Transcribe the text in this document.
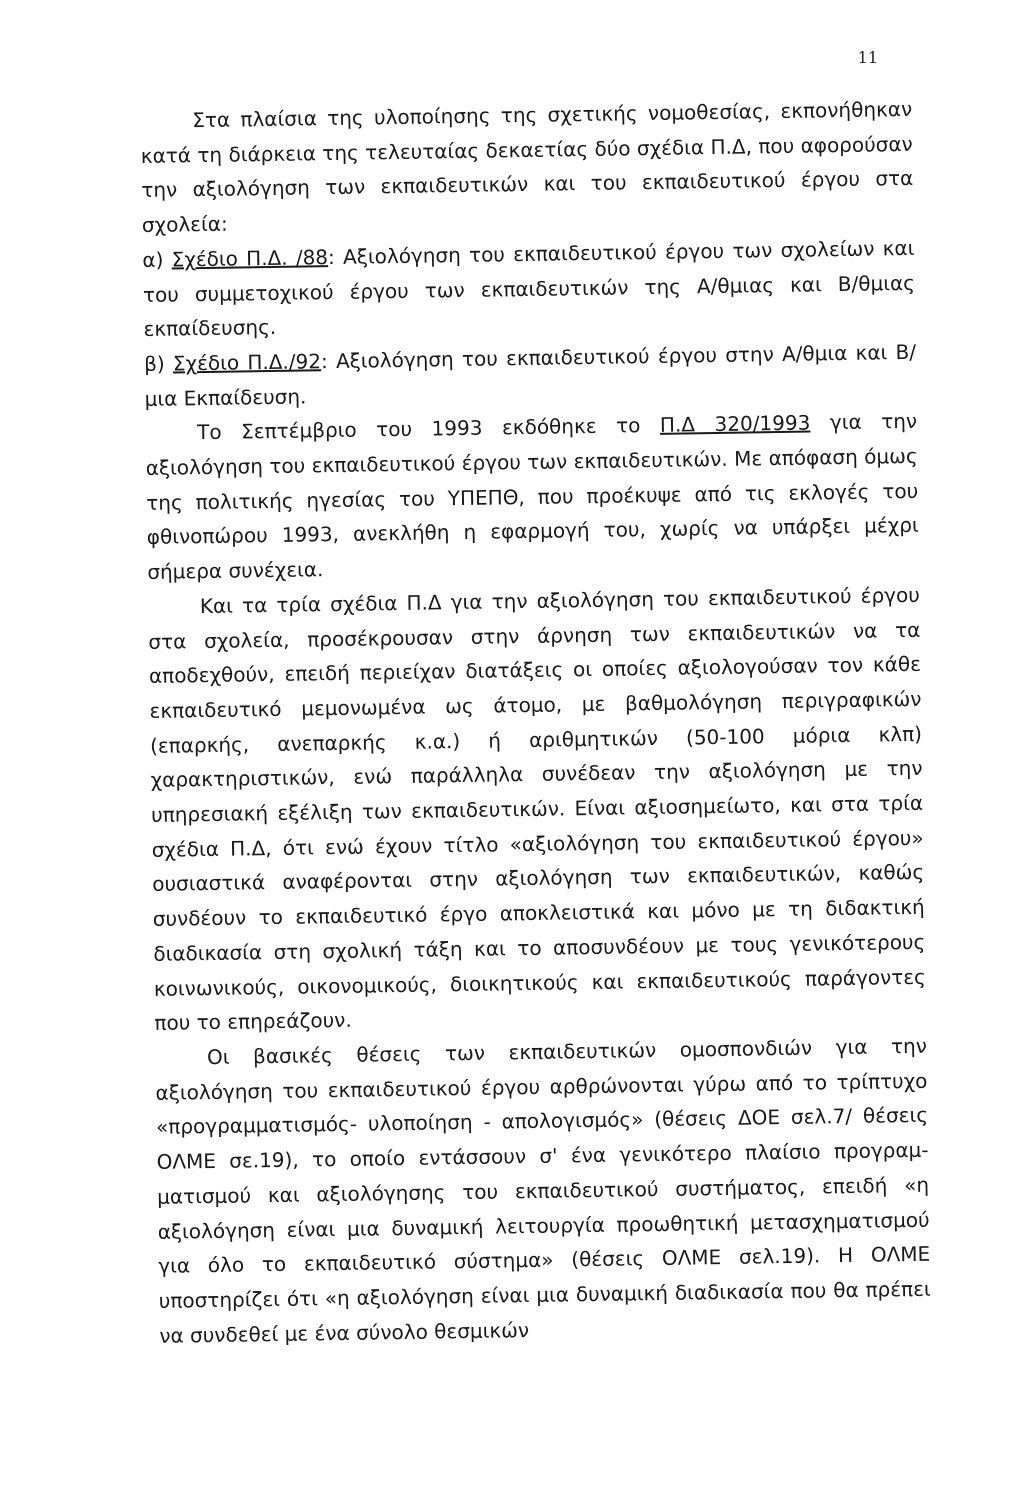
11

Στα πλαίσια της υλοποίησης της σχετικής νομοθεσίας, εκπονήθηκαν κατά τη διάρκεια της τελευταίας δεκαετίας δύο σχέδια Π.Δ, που αφορούσαν την αξιολόγηση των εκπαιδευτικών και του εκπαιδευτικού έργου στα σχολεία:

α) Σχέδιο Π.Δ. /88: Αξιολόγηση του εκπαιδευτικού έργου των σχολείων και του συμμετοχικού έργου των εκπαιδευτικών της Α/θμιας και Β/θμιας εκπαίδευσης.

β) Σχέδιο Π.Δ./92: Αξιολόγηση του εκπαιδευτικού έργου στην Α/θμια και Β/μια Εκπαίδευση.

Το Σεπτέμβριο του 1993 εκδόθηκε το Π.Δ 320/1993 για την αξιολόγηση του εκπαιδευτικού έργου των εκπαιδευτικών. Με απόφαση όμως της πολιτικής ηγεσίας του ΥΠΕΠΘ, που προέκυψε από τις εκλογές του φθινοπώρου 1993, ανεκλήθη η εφαρμογή του, χωρίς να υπάρξει μέχρι σήμερα συνέχεια.

Και τα τρία σχέδια Π.Δ για την αξιολόγηση του εκπαιδευτικού έργου στα σχολεία, προσέκρουσαν στην άρνηση των εκπαιδευτικών να τα αποδεχθούν, επειδή περιείχαν διατάξεις οι οποίες αξιολογούσαν τον κάθε εκπαιδευτικό μεμονωμένα ως άτομο, με βαθμολόγηση περιγραφικών (επαρκής, ανεπαρκής κ.α.) ή αριθμητικών (50-100 μόρια κλπ) χαρακτηριστικών, ενώ παράλληλα συνέδεαν την αξιολόγηση με την υπηρεσιακή εξέλιξη των εκπαιδευτικών. Είναι αξιοσημείωτο, και στα τρία σχέδια Π.Δ, ότι ενώ έχουν τίτλο «αξιολόγηση του εκπαιδευτικού έργου» ουσιαστικά αναφέρονται στην αξιολόγηση των εκπαιδευτικών, καθώς συνδέουν το εκπαιδευτικό έργο αποκλειστικά και μόνο με τη διδακτική διαδικασία στη σχολική τάξη και το αποσυνδέουν με τους γενικότερους κοινωνικούς, οικονομικούς, διοικητικούς και εκπαιδευτικούς παράγοντες που το επηρεάζουν.

Οι βασικές θέσεις των εκπαιδευτικών ομοσπονδιών για την αξιολόγηση του εκπαιδευτικού έργου αρθρώνονται γύρω από το τρίπτυχο «προγραμματισμός- υλοποίηση - απολογισμός» (θέσεις ΔΟΕ σελ.7/ θέσεις ΟΛΜΕ σε.19), το οποίο εντάσσουν σ' ένα γενικότερο πλαίσιο προγραμ-ματισμού και αξιολόγησης του εκπαιδευτικού συστήματος, επειδή «η αξιολόγηση είναι μια δυναμική λειτουργία προωθητική μετασχηματισμού για όλο το εκπαιδευτικό σύστημα» (θέσεις ΟΛΜΕ σελ.19). Η ΟΛΜΕ υποστηρίζει ότι «η αξιολόγηση είναι μια δυναμική διαδικασία που θα πρέπει να συνδεθεί με ένα σύνολο θεσμικών
